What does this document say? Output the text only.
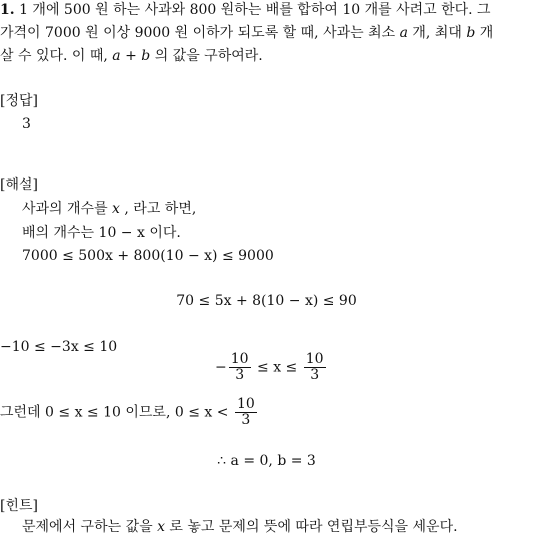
1. 1 개에 500 원 하는 사과와 800 원하는 배를 합하여 10 개를 사려고 한다. 그
가격이 7000 원 이상 9000 원 이하가 되도록 할 때, 사과는 최소 a 개, 최대 b 개
살 수 있다. 이 때, a + b 의 값을 구하여라.
[정답]
3
[해설]
사과의 개수를 x , 라고 하면,
배의 개수는 10 − x 이다.
7000 ≤ 500x + 800(10 − x) ≤ 9000
70 ≤ 5x + 8(10 − x) ≤ 90
−10 ≤ −3x ≤ 10
− $\frac{10}{3} \le x \le \frac{10}{3}$
그런데 0 ≤ x ≤ 10 이므로, $0 \le x < \frac{10}{3}$
∴ a = 0, b = 3
[힌트]
문제에서 구하는 값을 x 로 놓고 문제의 뜻에 따라 연립부등식을 세운다.
